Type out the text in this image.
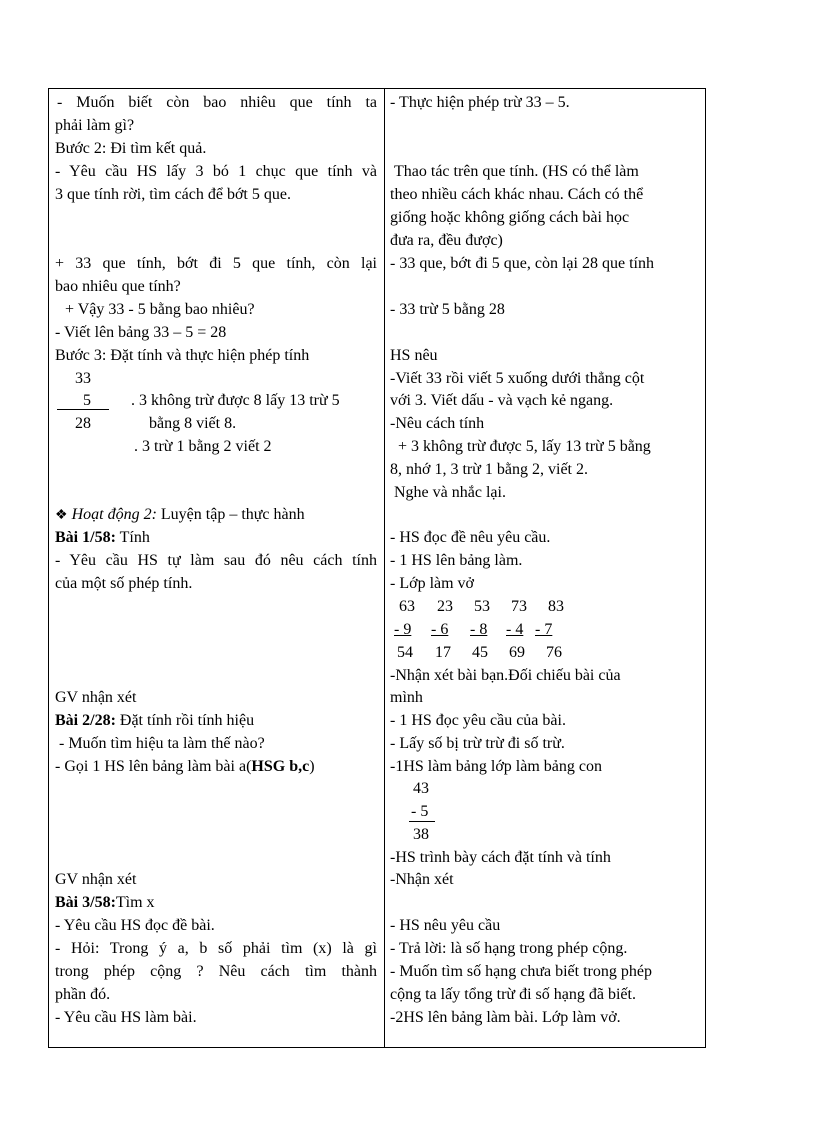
- Muốn biết còn bao nhiêu que tính ta
phải làm gì?
Bước 2: Đi tìm kết quả.
- Yêu cầu HS lấy 3 bó 1 chục que tính và
3 que tính rời, tìm cách để bớt 5 que.
+ 33 que tính, bớt đi 5 que tính, còn lại
bao nhiêu que tính?
+ Vậy 33 - 5 bằng bao nhiêu?
- Viết lên bảng 33 – 5 = 28
Bước 3: Đặt tính và thực hiện phép tính
33
5
28
. 3 không trừ được 8 lấy 13 trừ 5
bằng 8 viết 8.
. 3 trừ 1 bằng 2 viết 2
❖ Hoạt động 2: Luyện tập – thực hành
Bài 1/58: Tính
- Yêu cầu HS tự làm sau đó nêu cách tính
của một số phép tính.
GV nhận xét
Bài 2/28: Đặt tính rồi tính hiệu
- Muốn tìm hiệu ta làm thế nào?
- Gọi 1 HS lên bảng làm bài a(HSG b,c)
GV nhận xét
Bài 3/58:Tìm x
- Yêu cầu HS đọc đề bài.
- Hỏi: Trong ý a, b số phải tìm (x) là gì
trong phép cộng ? Nêu cách tìm thành
phần đó.
- Yêu cầu HS làm bài.
- Thực hiện phép trừ 33 – 5.
Thao tác trên que tính. (HS có thể làm
theo nhiều cách khác nhau. Cách có thể
giống hoặc không giống cách bài học
đưa ra, đều được)
- 33 que, bớt đi 5 que, còn lại 28 que tính
- 33 trừ 5 bằng 28
HS nêu
-Viết 33 rồi viết 5 xuống dưới thẳng cột
với 3. Viết dấu - và vạch kẻ ngang.
-Nêu cách tính
+ 3 không trừ được 5, lấy 13 trừ 5 bằng
8, nhớ 1, 3 trừ 1 bằng 2, viết 2.
Nghe và nhắc lại.
- HS đọc đề nêu yêu cầu.
- 1 HS lên bảng làm.
- Lớp làm vở
63 23 53 73 83
- 9 - 6 - 8 - 4 - 7
54 17 45 69 76
-Nhận xét bài bạn.Đối chiếu bài của
mình
- 1 HS đọc yêu cầu của bài.
- Lấy số bị trừ trừ đi số trừ.
-1HS làm bảng lớp làm bảng con
43
- 5
38
-HS trình bày cách đặt tính và tính
-Nhận xét
- HS nêu yêu cầu
- Trả lời: là số hạng trong phép cộng.
- Muốn tìm số hạng chưa biết trong phép
cộng ta lấy tổng trừ đi số hạng đã biết.
-2HS lên bảng làm bài. Lớp làm vở.
